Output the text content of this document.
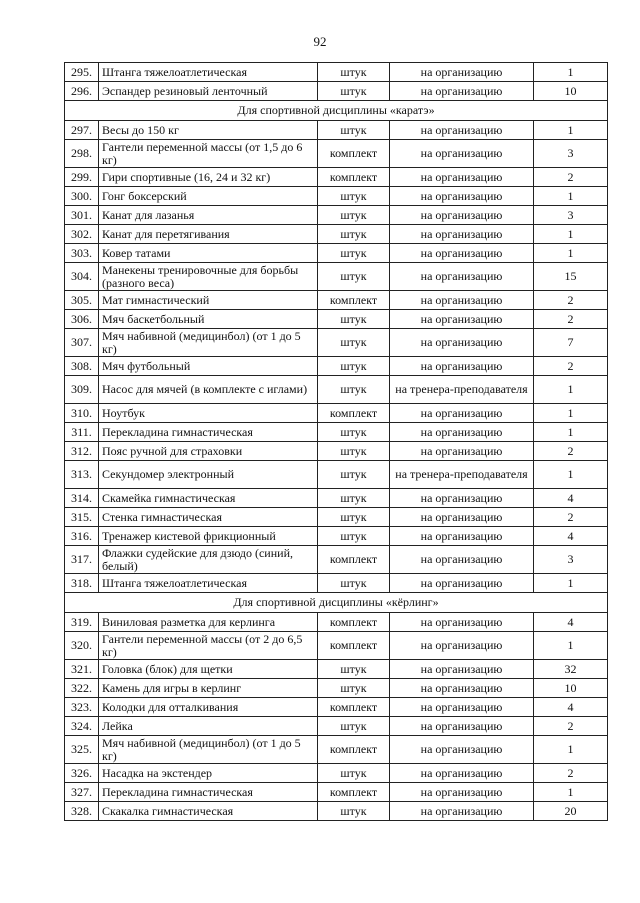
92
295.	Штанга тяжелоатлетическая	штук	на организацию	1
296.	Эспандер резиновый ленточный	штук	на организацию	10
Для спортивной дисциплины «каратэ»				
297.	Весы до 150 кг	штук	на организацию	1
298.	Гантели переменной массы (от 1,5 до 6 кг)	комплект	на организацию	3
299.	Гири спортивные (16, 24 и 32 кг)	комплект	на организацию	2
300.	Гонг боксерский	штук	на организацию	1
301.	Канат для лазанья	штук	на организацию	3
302.	Канат для перетягивания	штук	на организацию	1
303.	Ковер татами	штук	на организацию	1
304.	Манекены тренировочные для борьбы (разного веса)	штук	на организацию	15
305.	Мат гимнастический	комплект	на организацию	2
306.	Мяч баскетбольный	штук	на организацию	2
307.	Мяч набивной (медицинбол) (от 1 до 5 кг)	штук	на организацию	7
308.	Мяч футбольный	штук	на организацию	2
309.	Насос для мячей (в комплекте с иглами)	штук	на тренера-преподавателя	1
310.	Ноутбук	комплект	на организацию	1
311.	Перекладина гимнастическая	штук	на организацию	1
312.	Пояс ручной для страховки	штук	на организацию	2
313.	Секундомер электронный	штук	на тренера-преподавателя	1
314.	Скамейка гимнастическая	штук	на организацию	4
315.	Стенка гимнастическая	штук	на организацию	2
316.	Тренажер кистевой фрикционный	штук	на организацию	4
317.	Флажки судейские для дзюдо (синий, белый)	комплект	на организацию	3
318.	Штанга тяжелоатлетическая	штук	на организацию	1
Для спортивной дисциплины «кёрлинг»				
319.	Виниловая разметка для керлинга	комплект	на организацию	4
320.	Гантели переменной массы (от 2 до 6,5 кг)	комплект	на организацию	1
321.	Головка (блок) для щетки	штук	на организацию	32
322.	Камень для игры в керлинг	штук	на организацию	10
323.	Колодки для отталкивания	комплект	на организацию	4
324.	Лейка	штук	на организацию	2
325.	Мяч набивной (медицинбол) (от 1 до 5 кг)	комплект	на организацию	1
326.	Насадка на экстендер	штук	на организацию	2
327.	Перекладина гимнастическая	комплект	на организацию	1
328.	Скакалка гимнастическая	штук	на организацию	20
